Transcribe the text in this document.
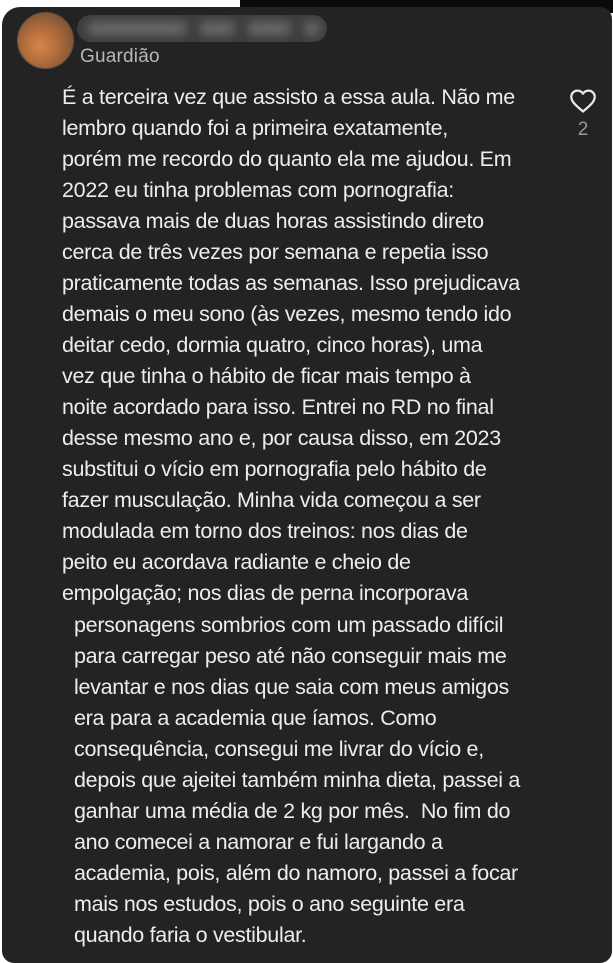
Guardião
2
É a terceira vez que assisto a essa aula. Não me
lembro quando foi a primeira exatamente,
porém me recordo do quanto ela me ajudou. Em
2022 eu tinha problemas com pornografia:
passava mais de duas horas assistindo direto
cerca de três vezes por semana e repetia isso
praticamente todas as semanas. Isso prejudicava
demais o meu sono (às vezes, mesmo tendo ido
deitar cedo, dormia quatro, cinco horas), uma
vez que tinha o hábito de ficar mais tempo à
noite acordado para isso. Entrei no RD no final
desse mesmo ano e, por causa disso, em 2023
substitui o vício em pornografia pelo hábito de
fazer musculação. Minha vida começou a ser
modulada em torno dos treinos: nos dias de
peito eu acordava radiante e cheio de
empolgação; nos dias de perna incorporava
personagens sombrios com um passado difícil
para carregar peso até não conseguir mais me
levantar e nos dias que saia com meus amigos
era para a academia que íamos. Como
consequência, consegui me livrar do vício e,
depois que ajeitei também minha dieta, passei a
ganhar uma média de 2 kg por mês.  No fim do
ano comecei a namorar e fui largando a
academia, pois, além do namoro, passei a focar
mais nos estudos, pois o ano seguinte era
quando faria o vestibular.
